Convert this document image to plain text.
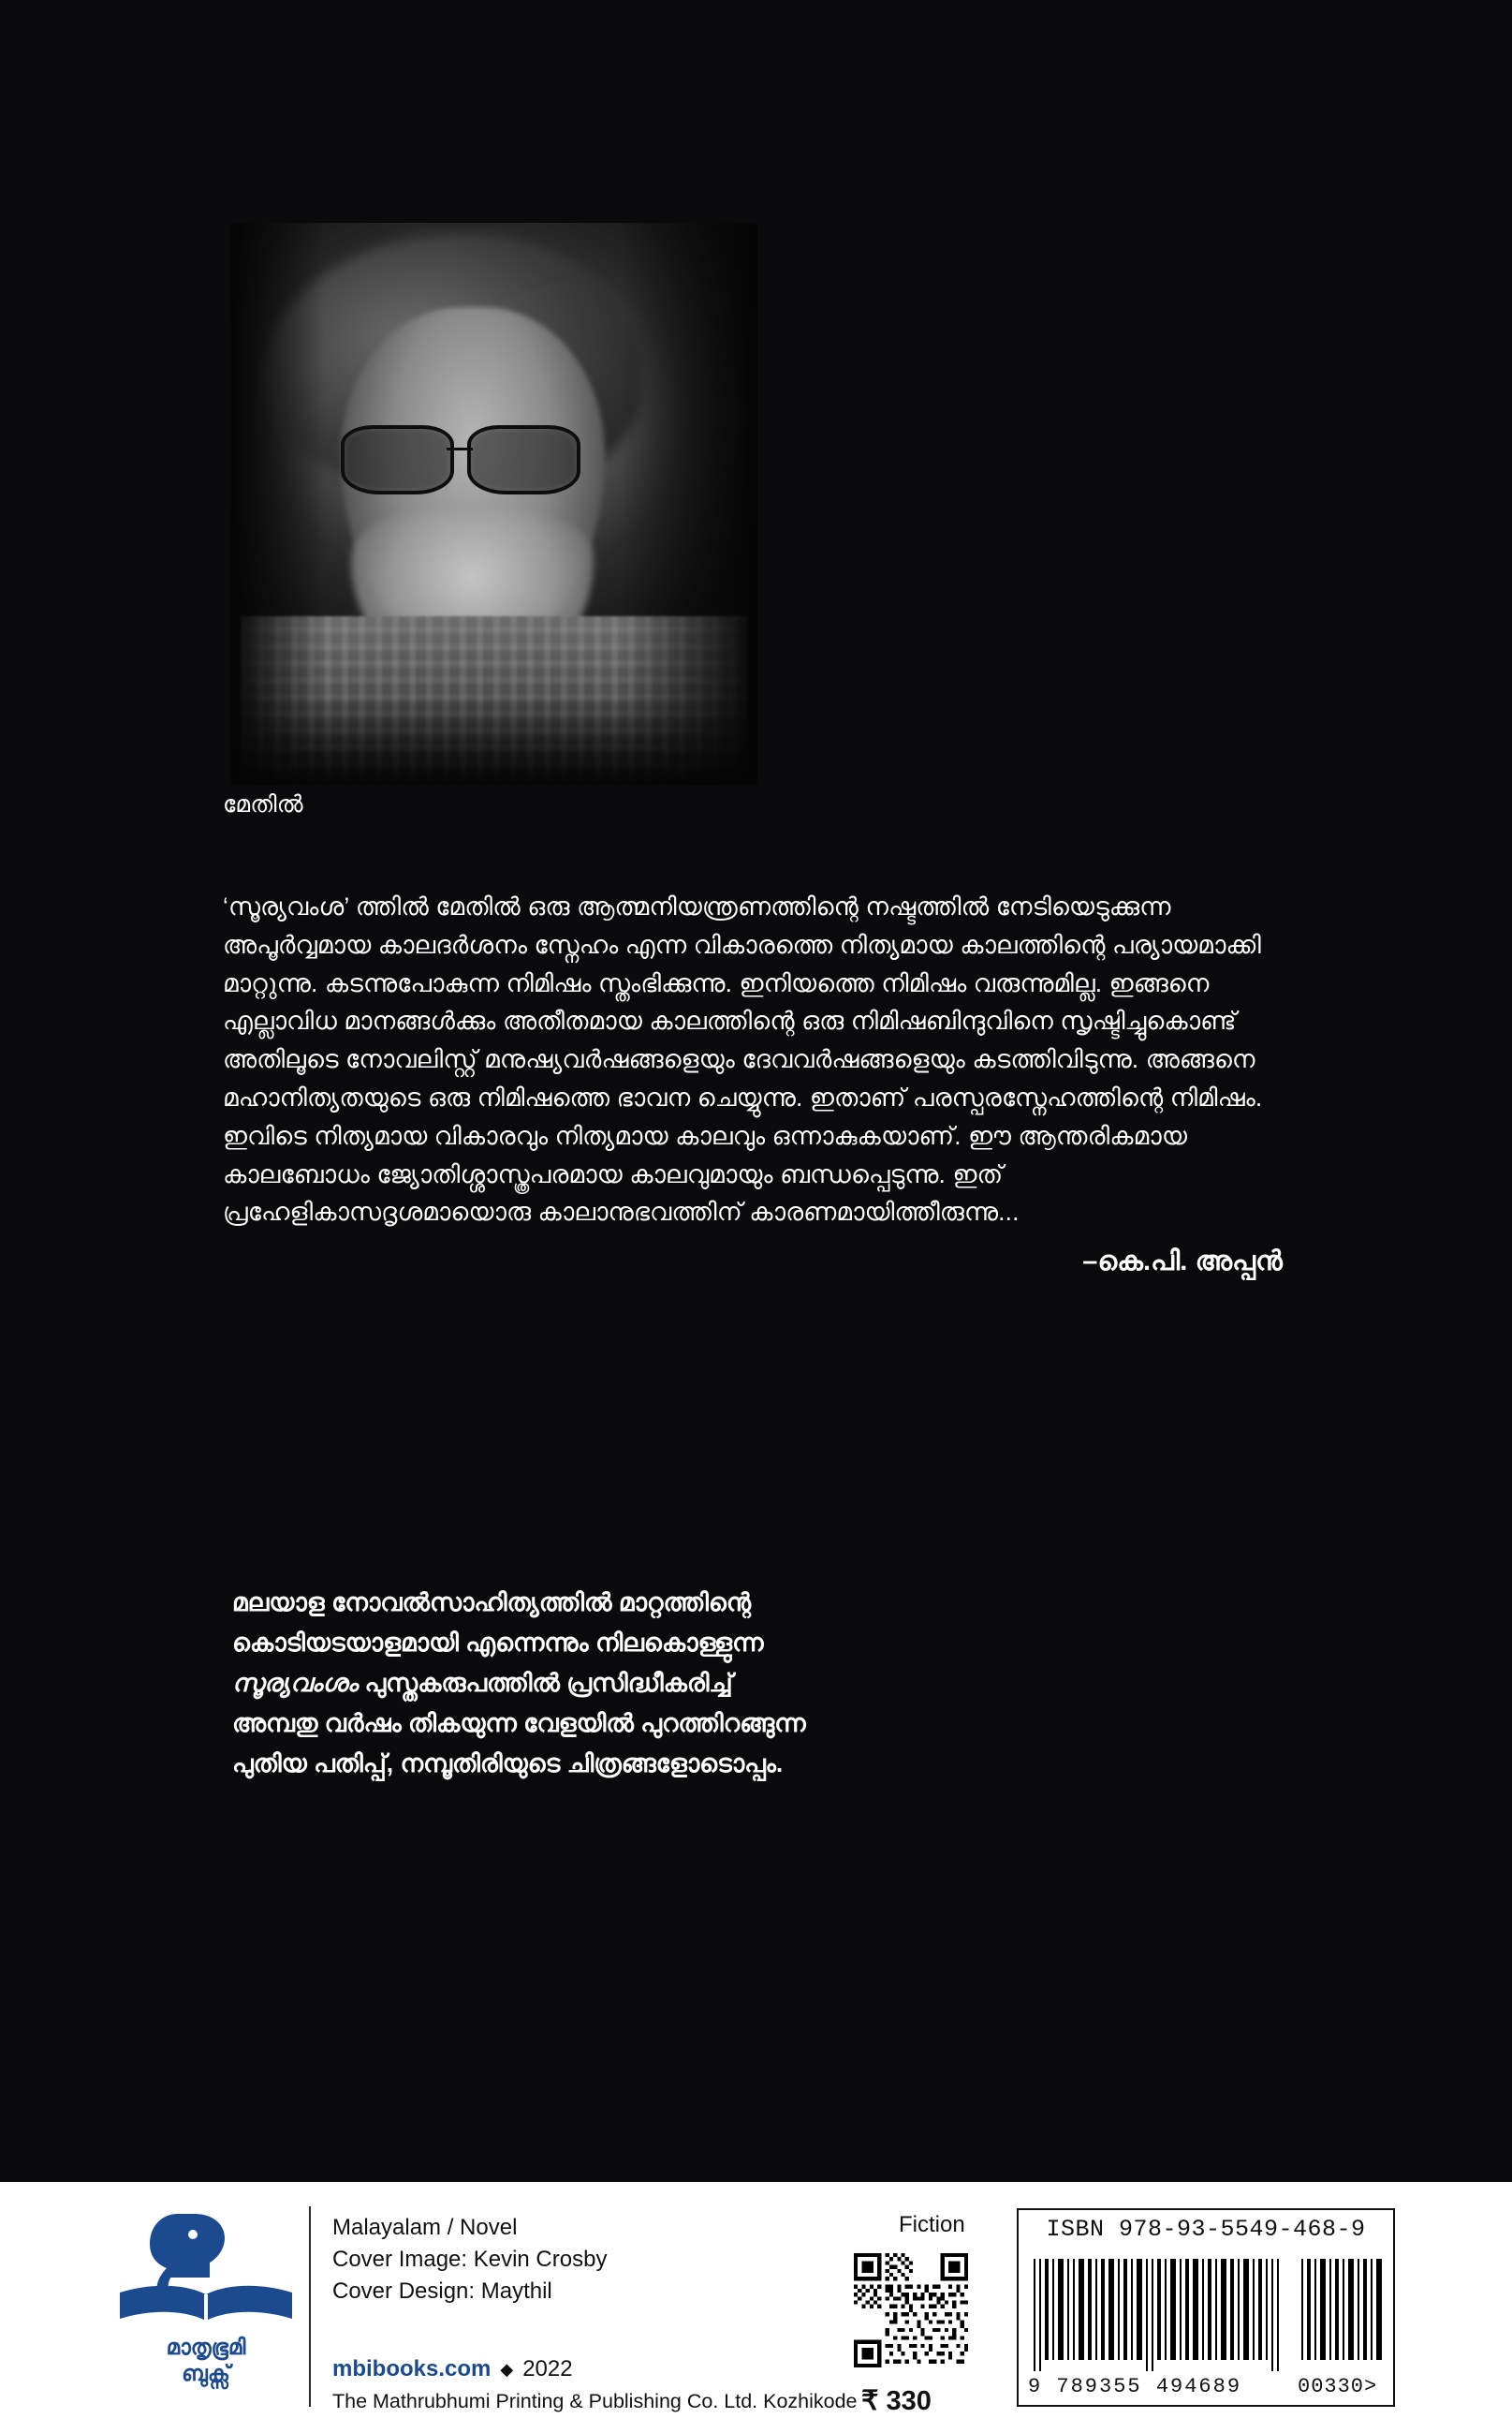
മേതിൽ

‘സൂര്യവംശ’ ത്തിൽ മേതിൽ ഒരു ആത്മനിയന്ത്രണത്തിന്റെ നഷ്ടത്തിൽ നേടിയെടുക്കുന്ന അപൂർവ്വമായ കാലദർശനം സ്നേഹം എന്ന വികാരത്തെ നിത്യമായ കാലത്തിന്റെ പര്യായമാക്കി മാറ്റുന്നു. കടന്നുപോകുന്ന നിമിഷം സ്തംഭിക്കുന്നു. ഇനിയത്തെ നിമിഷം വരുന്നുമില്ല. ഇങ്ങനെ എല്ലാവിധ മാനങ്ങൾക്കും അതീതമായ കാലത്തിന്റെ ഒരു നിമിഷബിന്ദുവിനെ സൃഷ്ടിച്ചുകൊണ്ട് അതിലൂടെ നോവലിസ്റ്റ് മനുഷ്യവർഷങ്ങളെയും ദേവവർഷങ്ങളെയും കടത്തിവിടുന്നു. അങ്ങനെ മഹാനിത്യതയുടെ ഒരു നിമിഷത്തെ ഭാവന ചെയ്യുന്നു. ഇതാണ് പരസ്പരസ്നേഹത്തിന്റെ നിമിഷം. ഇവിടെ നിത്യമായ വികാരവും നിത്യമായ കാലവും ഒന്നാകുകയാണ്. ഈ ആന്തരികമായ കാലബോധം ജ്യോതിശ്ശാസ്ത്രപരമായ കാലവുമായും ബന്ധപ്പെടുന്നു. ഇത് പ്രഹേളികാസദൃശമായൊരു കാലാനുഭവത്തിന് കാരണമായിത്തീരുന്നു...

–കെ.പി. അപ്പൻ
മലയാള നോവൽസാഹിത്യത്തിൽ മാറ്റത്തിന്റെ
കൊടിയടയാളമായി എന്നെന്നും നിലകൊള്ളുന്ന
സൂര്യവംശം പുസ്തകരുപത്തിൽ പ്രസിദ്ധീകരിച്ച്
അമ്പതു വർഷം തികയുന്ന വേളയിൽ പുറത്തിറങ്ങുന്ന
പുതിയ പതിപ്പ്, നമ്പൂതിരിയുടെ ചിത്രങ്ങളോടൊപ്പം.
മാതൃഭൂമി
ബുക്സ്
Malayalam / Novel
Cover Image: Kevin Crosby
Cover Design: Maythil
mbibooks.com ◆ 2022
The Mathrubhumi Printing & Publishing Co. Ltd. Kozhikode
Fiction
₹ 330
ISBN 978-93-5549-468-9
9 789355 494689	00330>
